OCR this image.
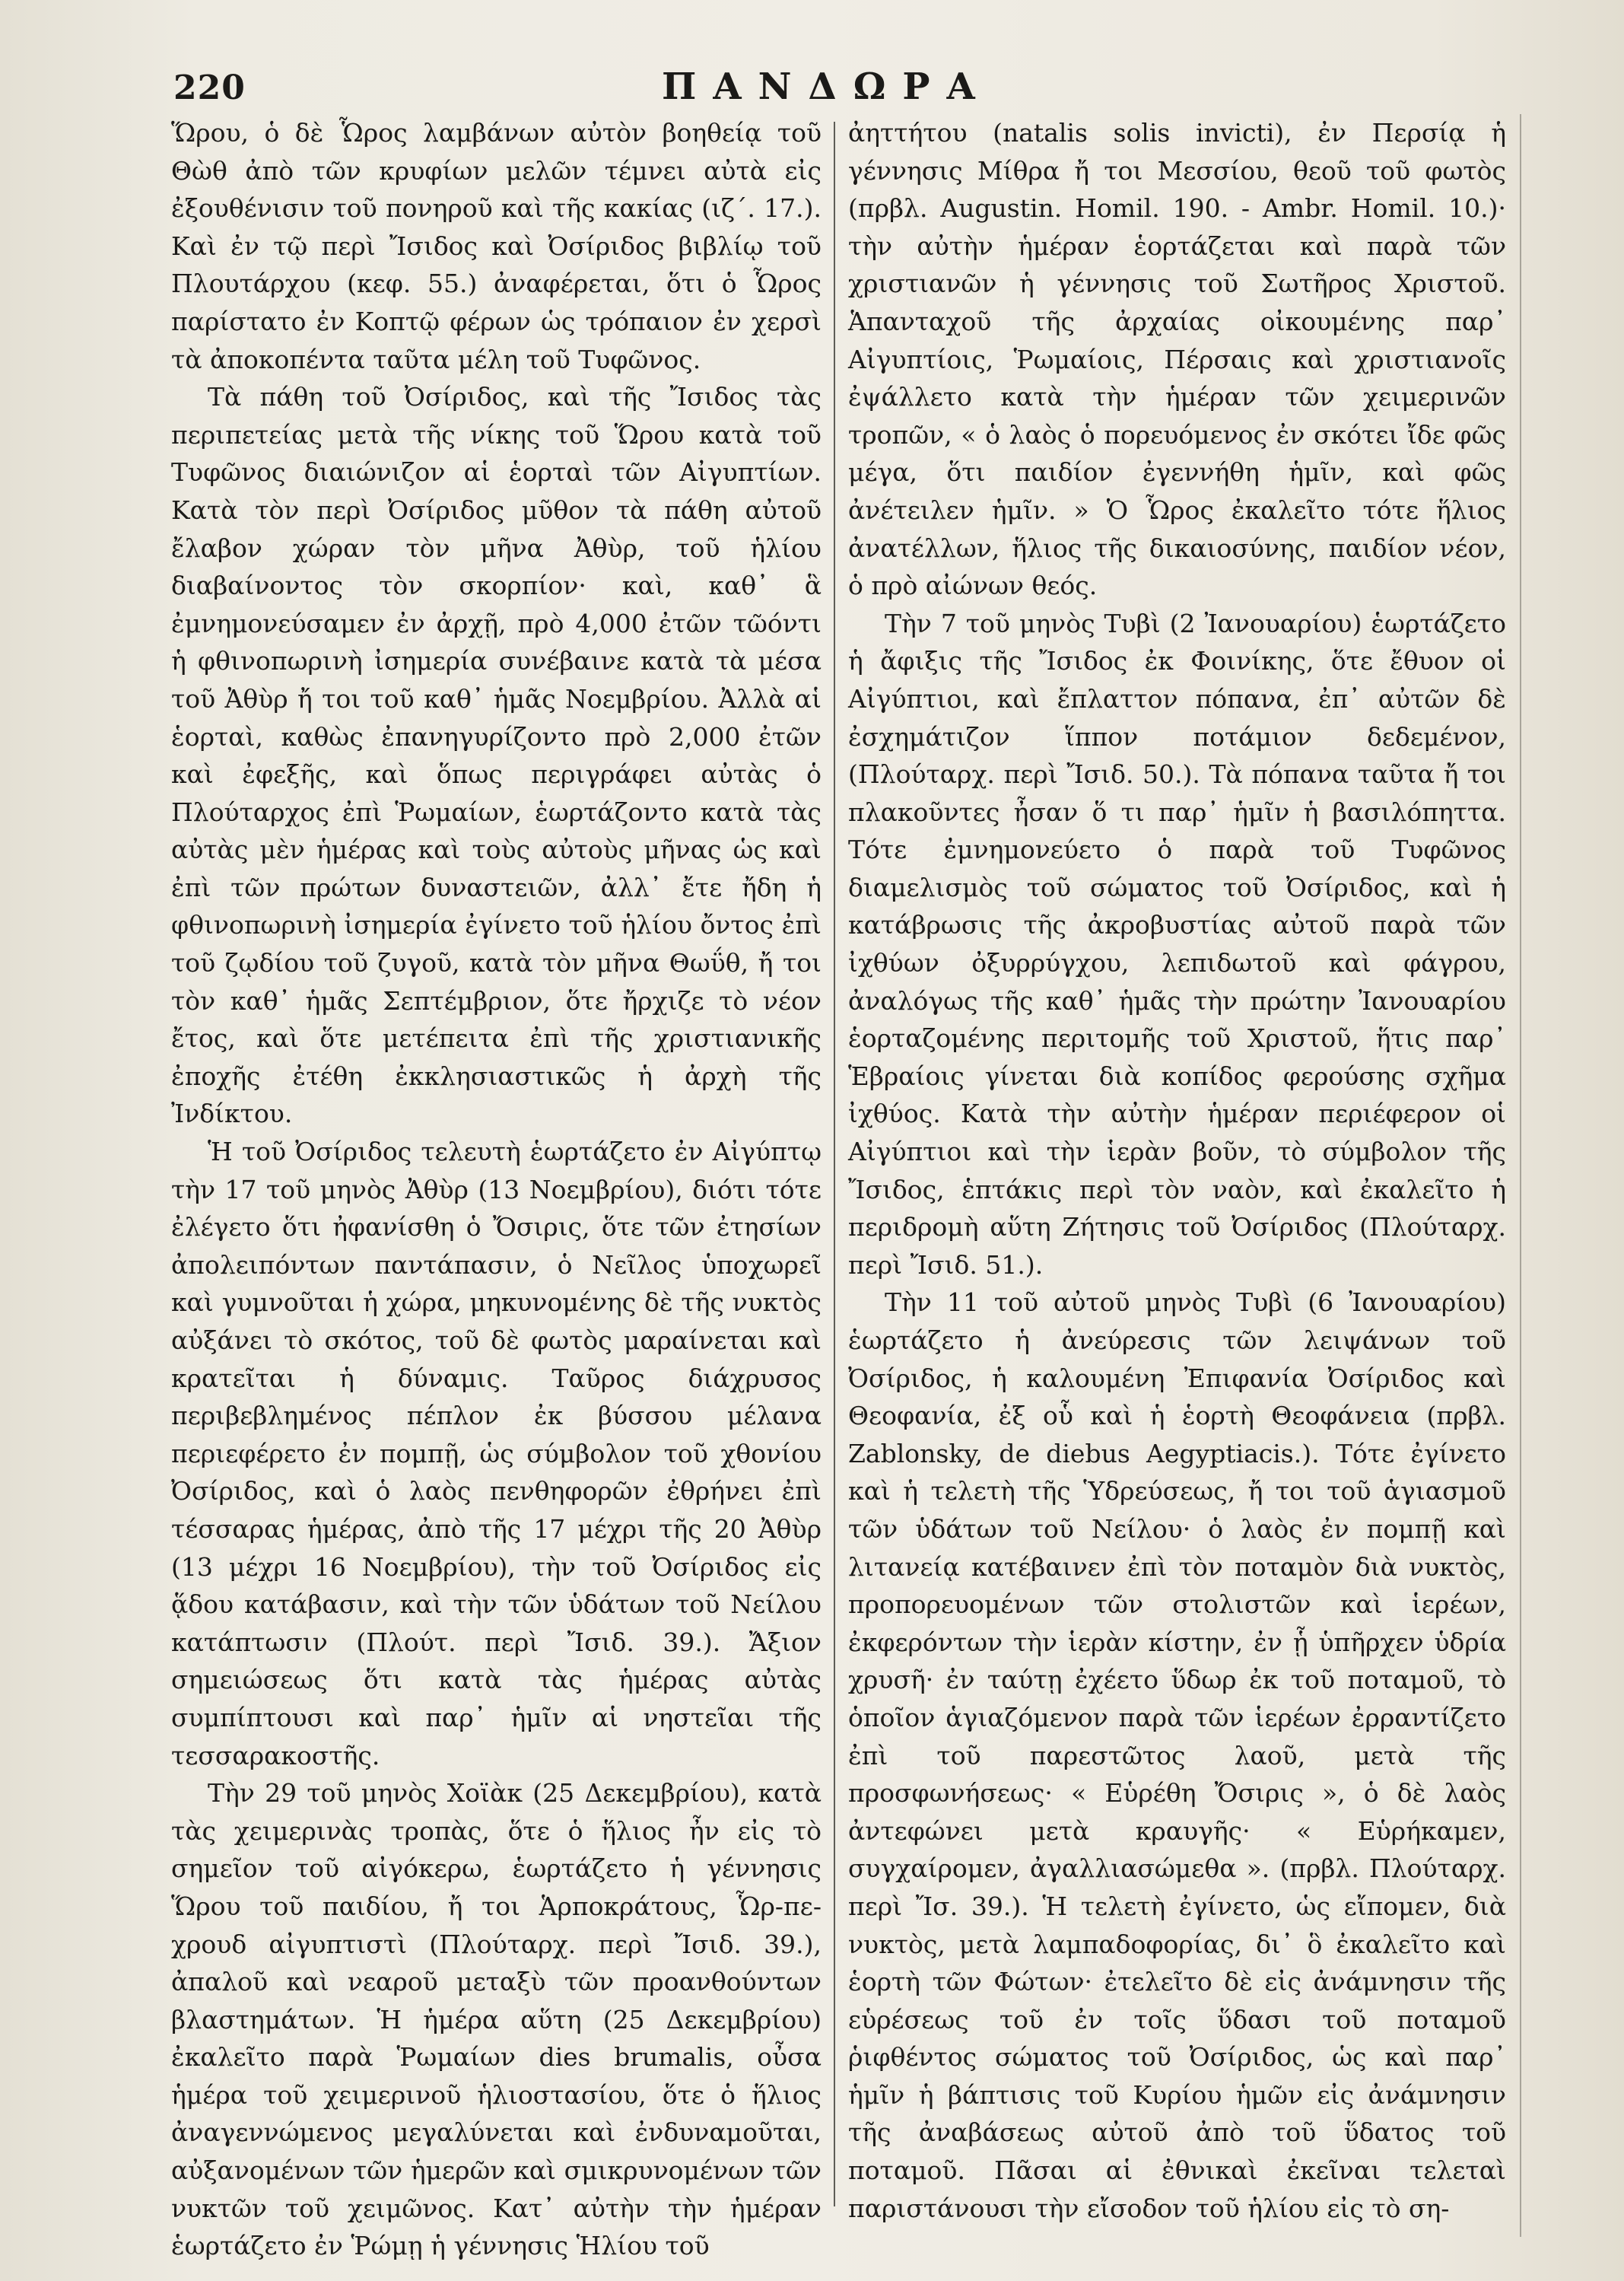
220	ΠΑΝΔΩΡΑ

Ὥρου, ὁ δὲ Ὧρος λαμβάνων αὐτὸν βοηθείᾳ τοῦ Θὼθ ἀπὸ τῶν κρυφίων μελῶν τέμνει αὐτὰ εἰς ἐξουθένισιν τοῦ πονηροῦ καὶ τῆς κακίας (ιζ΄. 17.). Καὶ ἐν τῷ περὶ Ἴσιδος καὶ Ὀσίριδος βιβλίῳ τοῦ Πλουτάρχου (κεφ. 55.) ἀναφέρεται, ὅτι ὁ Ὧρος παρίστατο ἐν Κοπτῷ φέρων ὡς τρόπαιον ἐν χερσὶ τὰ ἀποκοπέντα ταῦτα μέλη τοῦ Τυφῶνος.

Τὰ πάθη τοῦ Ὀσίριδος, καὶ τῆς Ἴσιδος τὰς περιπετείας μετὰ τῆς νίκης τοῦ Ὥρου κατὰ τοῦ Τυφῶνος διαιώνιζον αἱ ἑορταὶ τῶν Αἰγυπτίων. Κατὰ τὸν περὶ Ὀσίριδος μῦθον τὰ πάθη αὐτοῦ ἔλαβον χώραν τὸν μῆνα Ἀθὺρ, τοῦ ἡλίου διαβαίνοντος τὸν σκορπίον· καὶ, καθ᾽ ἃ ἐμνημονεύσαμεν ἐν ἀρχῇ, πρὸ 4,000 ἐτῶν τῶόντι ἡ φθινοπωρινὴ ἰσημερία συνέβαινε κατὰ τὰ μέσα τοῦ Ἀθὺρ ἤ τοι τοῦ καθ᾽ ἡμᾶς Νοεμβρίου. Ἀλλὰ αἱ ἑορταὶ, καθὼς ἐπανηγυρίζοντο πρὸ 2,000 ἐτῶν καὶ ἐφεξῆς, καὶ ὅπως περιγράφει αὐτὰς ὁ Πλούταρχος ἐπὶ Ῥωμαίων, ἑωρτάζοντο κατὰ τὰς αὐτὰς μὲν ἡμέρας καὶ τοὺς αὐτοὺς μῆνας ὡς καὶ ἐπὶ τῶν πρώτων δυναστειῶν, ἀλλ᾽ ἔτε ἤδη ἡ φθινοπωρινὴ ἰσημερία ἐγίνετο τοῦ ἡλίου ὄντος ἐπὶ τοῦ ζῳδίου τοῦ ζυγοῦ, κατὰ τὸν μῆνα Θωΰθ, ἤ τοι τὸν καθ᾽ ἡμᾶς Σεπτέμβριον, ὅτε ἤρχιζε τὸ νέον ἔτος, καὶ ὅτε μετέπειτα ἐπὶ τῆς χριστιανικῆς ἐποχῆς ἐτέθη ἐκκλησιαστικῶς ἡ ἀρχὴ τῆς Ἰνδίκτου.

Ἡ τοῦ Ὀσίριδος τελευτὴ ἑωρτάζετο ἐν Αἰγύπτῳ τὴν 17 τοῦ μηνὸς Ἀθὺρ (13 Νοεμβρίου), διότι τότε ἐλέγετο ὅτι ἠφανίσθη ὁ Ὄσιρις, ὅτε τῶν ἐτησίων ἀπολειπόντων παντάπασιν, ὁ Νεῖλος ὑποχωρεῖ καὶ γυμνοῦται ἡ χώρα, μηκυνομένης δὲ τῆς νυκτὸς αὐξάνει τὸ σκότος, τοῦ δὲ φωτὸς μαραίνεται καὶ κρατεῖται ἡ δύναμις. Ταῦρος διάχρυσος περιβεβλημένος πέπλον ἐκ βύσσου μέλανα περιεφέρετο ἐν πομπῇ, ὡς σύμβολον τοῦ χθονίου Ὀσίριδος, καὶ ὁ λαὸς πενθηφορῶν ἐθρήνει ἐπὶ τέσσαρας ἡμέρας, ἀπὸ τῆς 17 μέχρι τῆς 20 Ἀθὺρ (13 μέχρι 16 Νοεμβρίου), τὴν τοῦ Ὀσίριδος εἰς ᾅδου κατάβασιν, καὶ τὴν τῶν ὑδάτων τοῦ Νείλου κατάπτωσιν (Πλούτ. περὶ Ἴσιδ. 39.). Ἄξιον σημειώσεως ὅτι κατὰ τὰς ἡμέρας αὐτὰς συμπίπτουσι καὶ παρ᾽ ἡμῖν αἱ νηστεῖαι τῆς τεσσαρακοστῆς.

Τὴν 29 τοῦ μηνὸς Χοϊὰκ (25 Δεκεμβρίου), κατὰ τὰς χειμερινὰς τροπὰς, ὅτε ὁ ἥλιος ἦν εἰς τὸ σημεῖον τοῦ αἰγόκερω, ἑωρτάζετο ἡ γέννησις Ὥρου τοῦ παιδίου, ἤ τοι Ἁρποκράτους, Ὧρ-πε-χρουδ αἰγυπτιστὶ (Πλούταρχ. περὶ Ἴσιδ. 39.), ἀπαλοῦ καὶ νεαροῦ μεταξὺ τῶν προανθούντων βλαστημάτων. Ἡ ἡμέρα αὕτη (25 Δεκεμβρίου) ἐκαλεῖτο παρὰ Ῥωμαίων dies brumalis, οὖσα ἡμέρα τοῦ χειμερινοῦ ἡλιοστασίου, ὅτε ὁ ἥλιος ἀναγεννώμενος μεγαλύνεται καὶ ἐνδυναμοῦται, αὐξανομένων τῶν ἡμερῶν καὶ σμικρυνομένων τῶν νυκτῶν τοῦ χειμῶνος. Κατ᾽ αὐτὴν τὴν ἡμέραν ἑωρτάζετο ἐν Ῥώμῃ ἡ γέννησις Ἡλίου τοῦ

ἀηττήτου (natalis solis invicti), ἐν Περσίᾳ ἡ γέννησις Μίθρα ἤ τοι Μεσσίου, θεοῦ τοῦ φωτὸς (πρβλ. Augustin. Homil. 190. - Ambr. Homil. 10.)· τὴν αὐτὴν ἡμέραν ἑορτάζεται καὶ παρὰ τῶν χριστιανῶν ἡ γέννησις τοῦ Σωτῆρος Χριστοῦ. Ἁπανταχοῦ τῆς ἀρχαίας οἰκουμένης παρ᾽ Αἰγυπτίοις, Ῥωμαίοις, Πέρσαις καὶ χριστιανοῖς ἐψάλλετο κατὰ τὴν ἡμέραν τῶν χειμερινῶν τροπῶν, « ὁ λαὸς ὁ πορευόμενος ἐν σκότει ἴδε φῶς μέγα, ὅτι παιδίον ἐγεννήθη ἡμῖν, καὶ φῶς ἀνέτειλεν ἡμῖν. » Ὁ Ὧρος ἐκαλεῖτο τότε ἥλιος ἀνατέλλων, ἥλιος τῆς δικαιοσύνης, παιδίον νέον, ὁ πρὸ αἰώνων θεός.

Τὴν 7 τοῦ μηνὸς Τυβὶ (2 Ἰανουαρίου) ἑωρτάζετο ἡ ἄφιξις τῆς Ἴσιδος ἐκ Φοινίκης, ὅτε ἔθυον οἱ Αἰγύπτιοι, καὶ ἔπλαττον πόπανα, ἐπ᾽ αὐτῶν δὲ ἐσχημάτιζον ἵππον ποτάμιον δεδεμένον, (Πλούταρχ. περὶ Ἴσιδ. 50.). Τὰ πόπανα ταῦτα ἤ τοι πλακοῦντες ἦσαν ὅ τι παρ᾽ ἡμῖν ἡ βασιλόπηττα. Τότε ἐμνημονεύετο ὁ παρὰ τοῦ Τυφῶνος διαμελισμὸς τοῦ σώματος τοῦ Ὀσίριδος, καὶ ἡ κατάβρωσις τῆς ἀκροβυστίας αὐτοῦ παρὰ τῶν ἰχθύων ὀξυρρύγχου, λεπιδωτοῦ καὶ φάγρου, ἀναλόγως τῆς καθ᾽ ἡμᾶς τὴν πρώτην Ἰανουαρίου ἑορταζομένης περιτομῆς τοῦ Χριστοῦ, ἥτις παρ᾽ Ἑβραίοις γίνεται διὰ κοπίδος φερούσης σχῆμα ἰχθύος. Κατὰ τὴν αὐτὴν ἡμέραν περιέφερον οἱ Αἰγύπτιοι καὶ τὴν ἱερὰν βοῦν, τὸ σύμβολον τῆς Ἴσιδος, ἑπτάκις περὶ τὸν ναὸν, καὶ ἐκαλεῖτο ἡ περιδρομὴ αὕτη Ζήτησις τοῦ Ὀσίριδος (Πλούταρχ. περὶ Ἴσιδ. 51.).

Τὴν 11 τοῦ αὐτοῦ μηνὸς Τυβὶ (6 Ἰανουαρίου) ἑωρτάζετο ἡ ἀνεύρεσις τῶν λειψάνων τοῦ Ὀσίριδος, ἡ καλουμένη Ἐπιφανία Ὀσίριδος καὶ Θεοφανία, ἐξ οὗ καὶ ἡ ἑορτὴ Θεοφάνεια (πρβλ. Zablonsky, de diebus Aegyptiacis.). Τότε ἐγίνετο καὶ ἡ τελετὴ τῆς Ὑδρεύσεως, ἤ τοι τοῦ ἁγιασμοῦ τῶν ὑδάτων τοῦ Νείλου· ὁ λαὸς ἐν πομπῇ καὶ λιτανείᾳ κατέβαινεν ἐπὶ τὸν ποταμὸν διὰ νυκτὸς, προπορευομένων τῶν στολιστῶν καὶ ἱερέων, ἐκφερόντων τὴν ἱερὰν κίστην, ἐν ᾗ ὑπῆρχεν ὑδρία χρυσῆ· ἐν ταύτῃ ἐχέετο ὕδωρ ἐκ τοῦ ποταμοῦ, τὸ ὁποῖον ἁγιαζόμενον παρὰ τῶν ἱερέων ἐρραντίζετο ἐπὶ τοῦ παρεστῶτος λαοῦ, μετὰ τῆς προσφωνήσεως· « Εὑρέθη Ὄσιρις », ὁ δὲ λαὸς ἀντεφώνει μετὰ κραυγῆς· « Εὑρήκαμεν, συγχαίρομεν, ἀγαλλιασώμεθα ». (πρβλ. Πλούταρχ. περὶ Ἴσ. 39.). Ἡ τελετὴ ἐγίνετο, ὡς εἴπομεν, διὰ νυκτὸς, μετὰ λαμπαδοφορίας, δι᾽ ὃ ἐκαλεῖτο καὶ ἑορτὴ τῶν Φώτων· ἐτελεῖτο δὲ εἰς ἀνάμνησιν τῆς εὑρέσεως τοῦ ἐν τοῖς ὕδασι τοῦ ποταμοῦ ῥιφθέντος σώματος τοῦ Ὀσίριδος, ὡς καὶ παρ᾽ ἡμῖν ἡ βάπτισις τοῦ Κυρίου ἡμῶν εἰς ἀνάμνησιν τῆς ἀναβάσεως αὐτοῦ ἀπὸ τοῦ ὕδατος τοῦ ποταμοῦ. Πᾶσαι αἱ ἐθνικαὶ ἐκεῖναι τελεταὶ παριστάνουσι τὴν εἴσοδον τοῦ ἡλίου εἰς τὸ ση-
